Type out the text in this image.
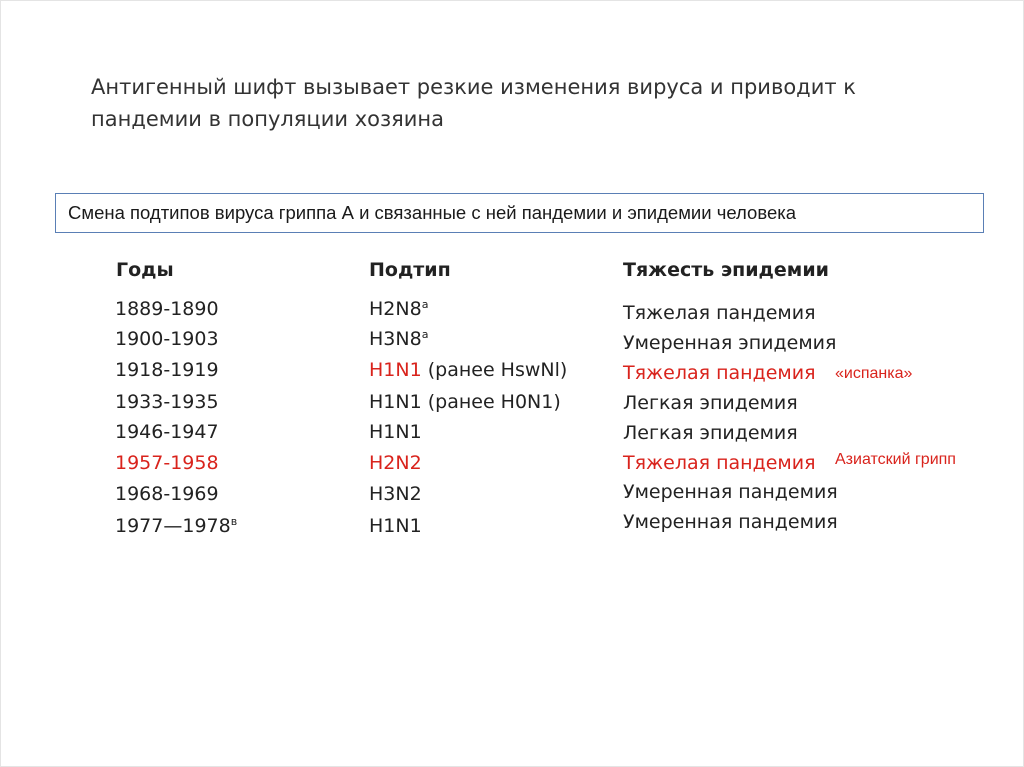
Антигенный шифт вызывает резкие изменения вируса и приводит к пандемии в популяции хозяина
Смена подтипов вируса гриппа А и связанные с ней пандемии и эпидемии человека
Годы	Подтип	Тяжесть эпидемии
1889-1890
1900-1903
1918-1919
1933-1935
1946-1947
1957-1958
1968-1969
$1977—1978^в$
H2N8$^a$
H3N8$^a$
H1N1 (ранее HswNl)
H1N1 (ранее H0N1)
H1N1
H2N2
H3N2
H1N1
Тяжелая пандемия
Умеренная эпидемия
Тяжелая пандемия
Легкая эпидемия
Легкая эпидемия
Тяжелая пандемия
Умеренная пандемия
Умеренная пандемия
«испанка»
Азиатский грипп
